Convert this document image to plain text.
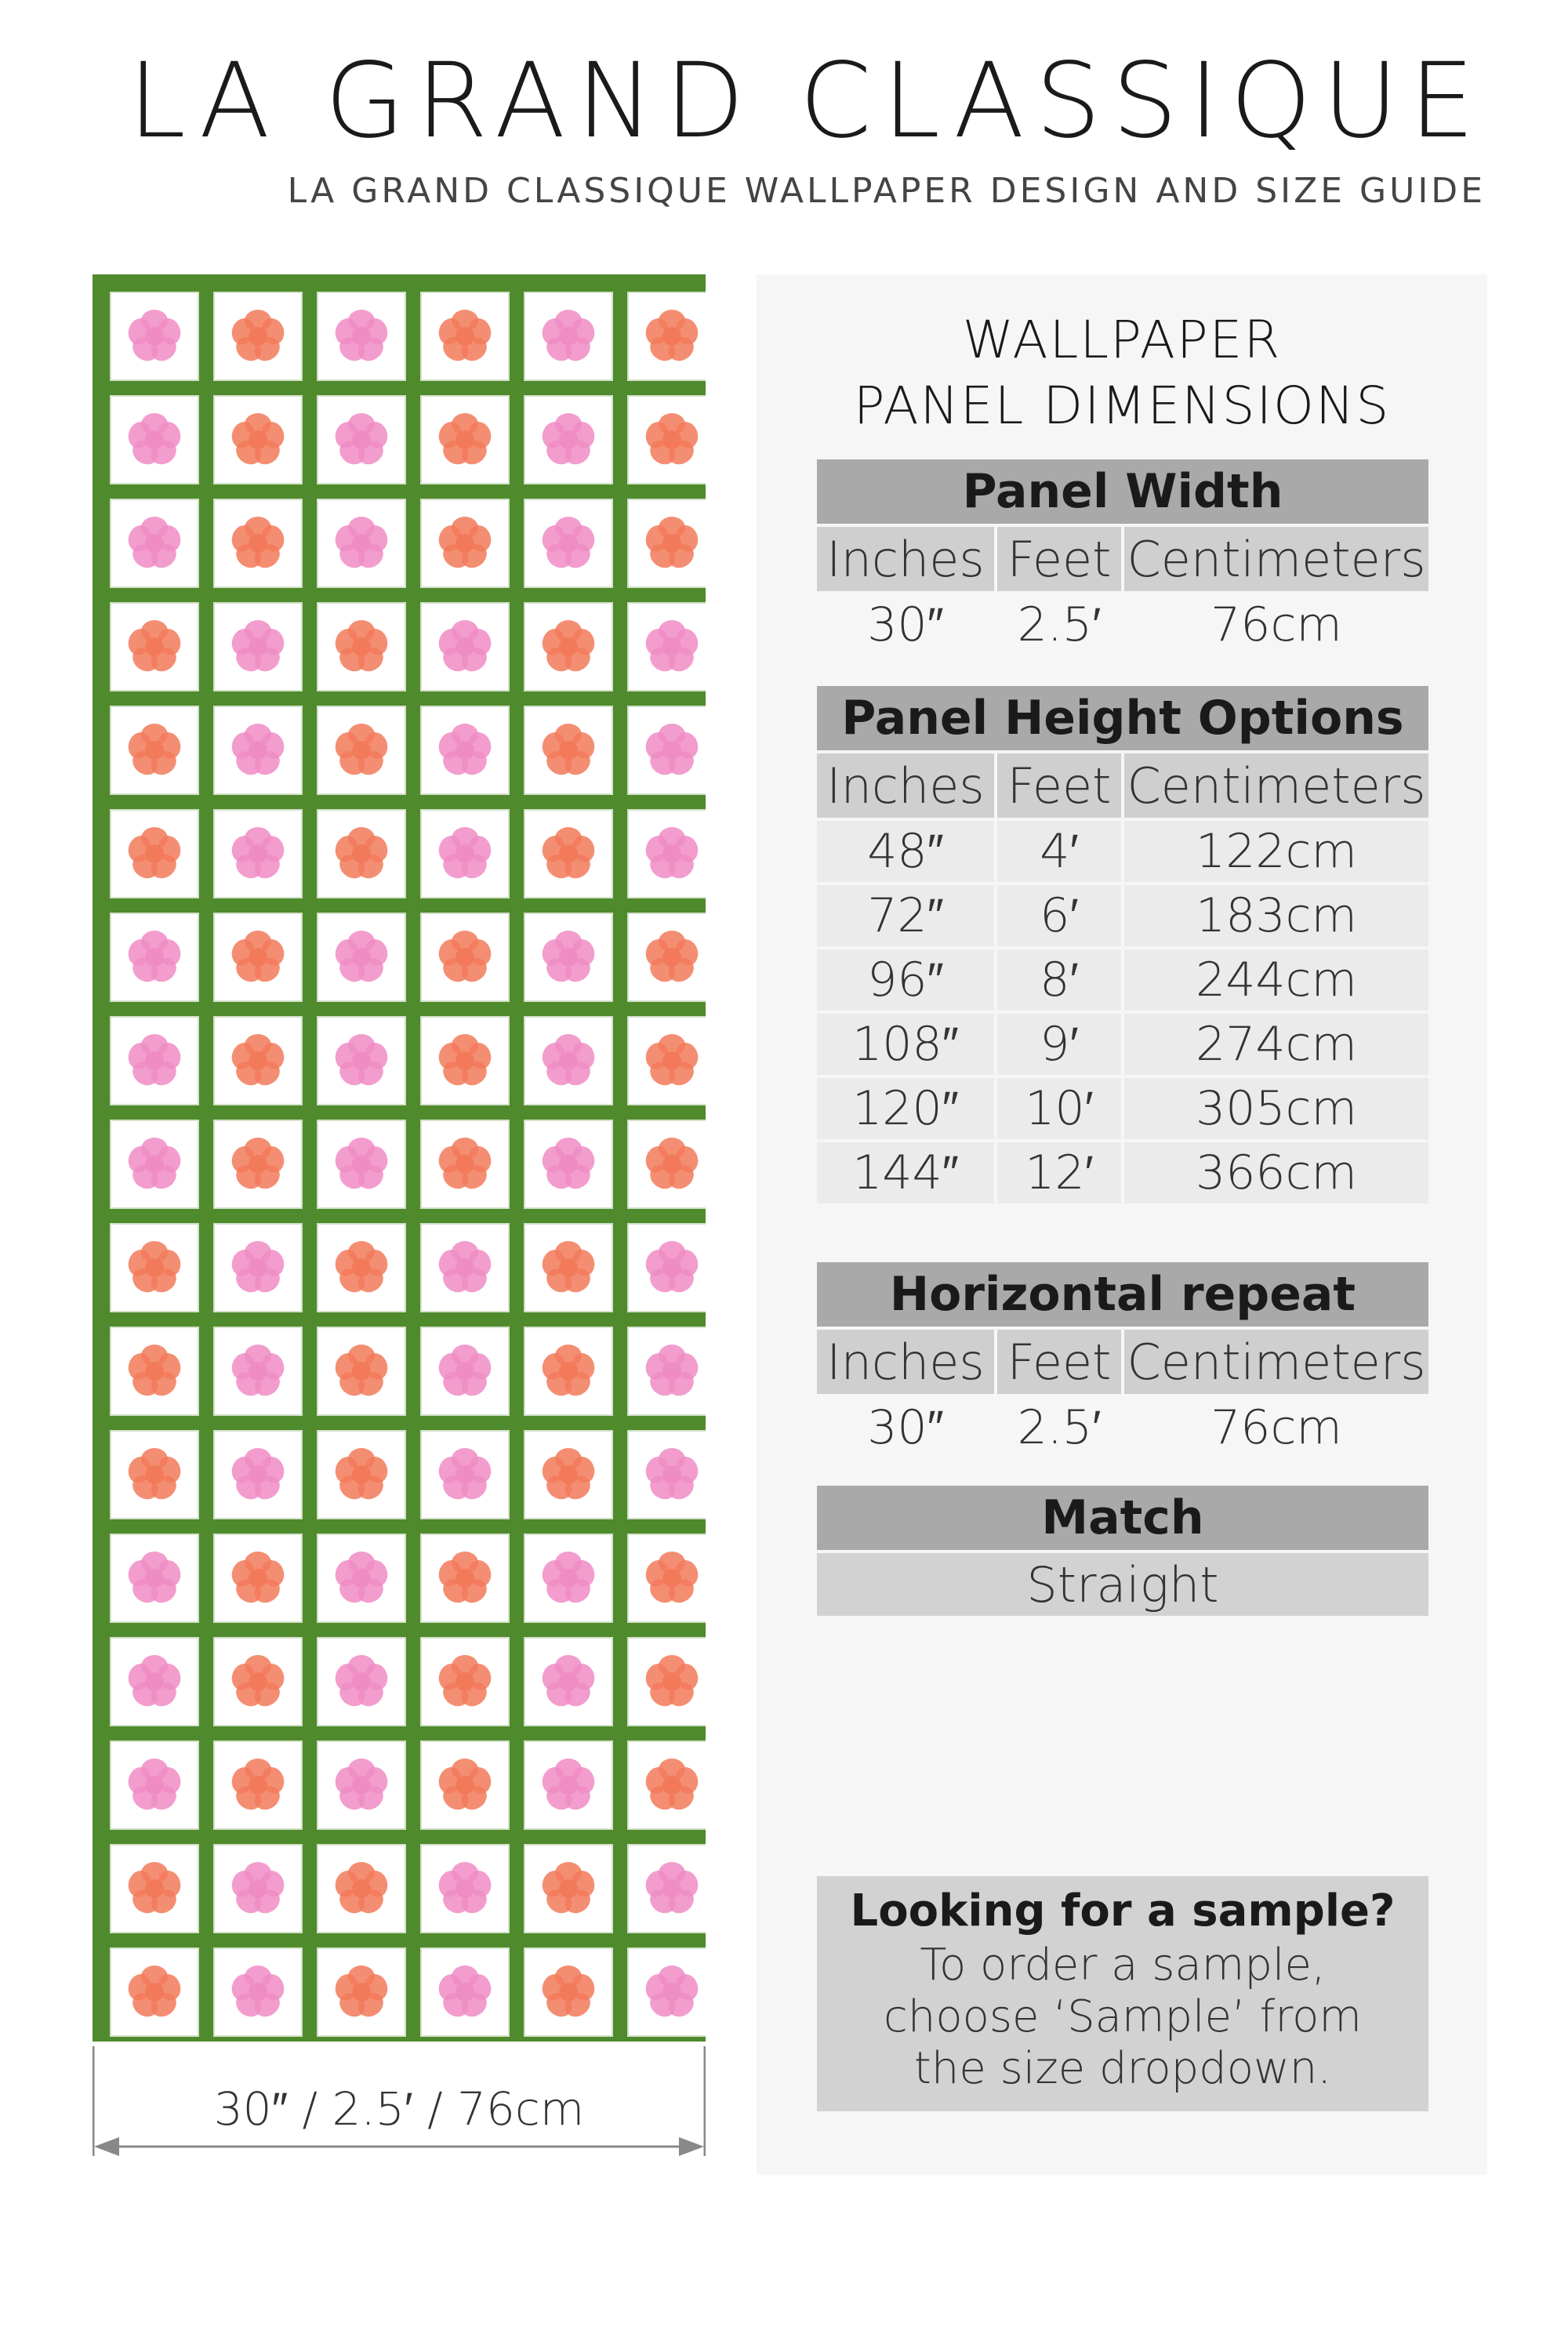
LA GRAND CLASSIQUE

LA GRAND CLASSIQUE WALLPAPER DESIGN AND SIZE GUIDE

30″ / 2.5′ / 76cm
WALLPAPER
PANEL DIMENSIONS
Panel Width
Inches Feet Centimeters
30″	2.5′	76cm
Panel Height Options
Inches Feet Centimeters
48″	4′	122cm
72″	6′	183cm
96″	8′	244cm
108″	9′	274cm
120″	10′	305cm
144″	12′	366cm
Horizontal repeat
Inches Feet Centimeters
30″	2.5′	76cm
Match
Straight

Looking for a sample?

To order a sample,
choose ‘Sample’ from
the size dropdown.
